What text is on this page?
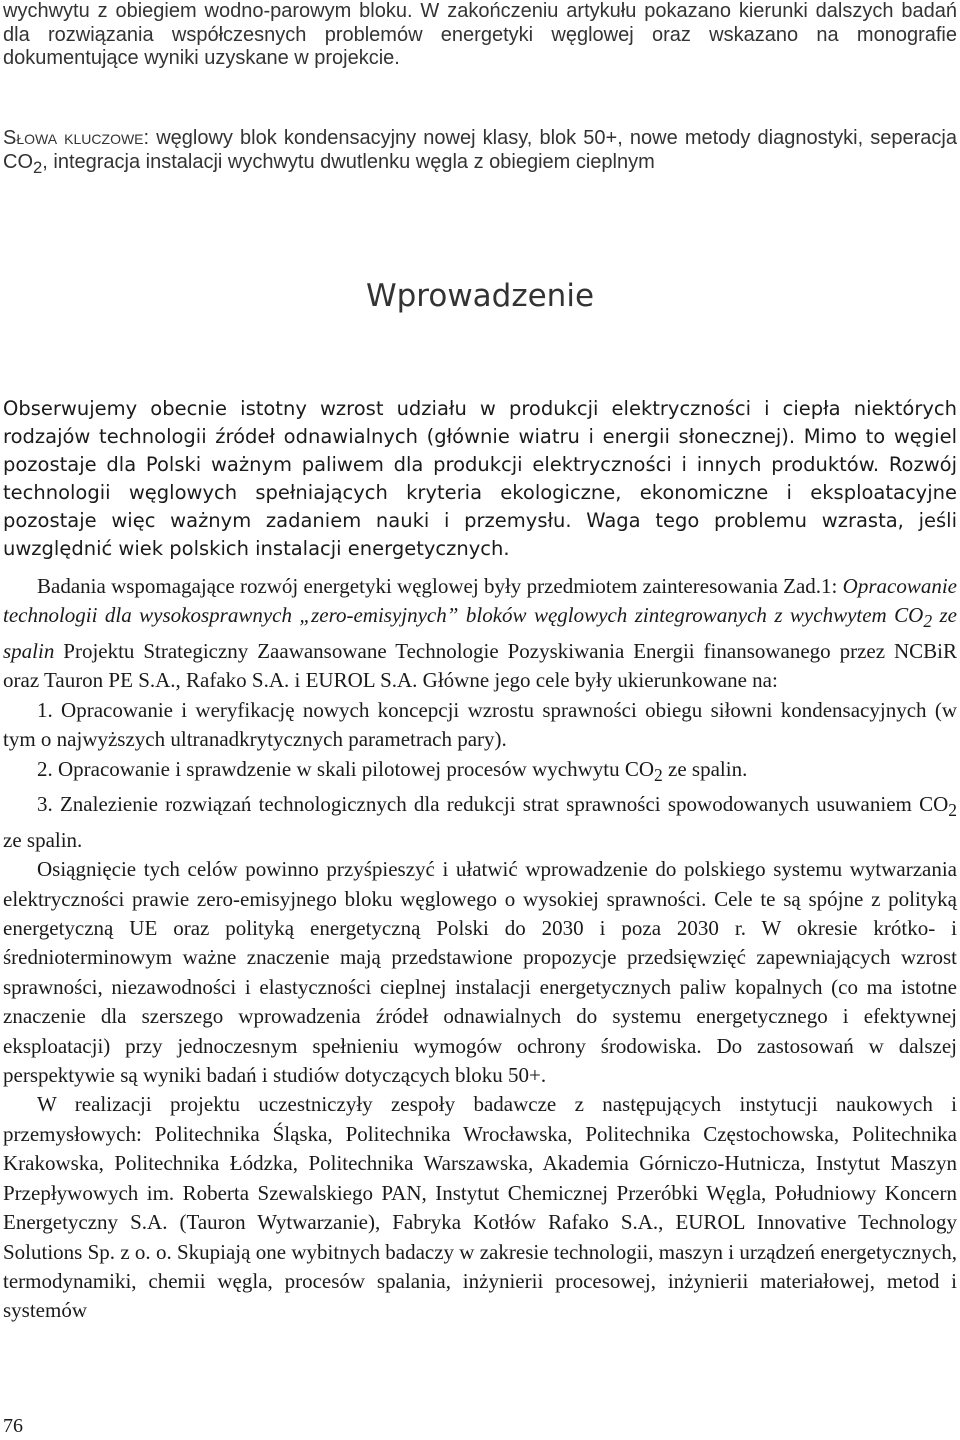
wychwytu z obiegiem wodno-parowym bloku. W zakończeniu artykułu pokazano kierunki dalszych badań dla rozwiązania współczesnych problemów energetyki węglowej oraz wskazano na monografie dokumentujące wyniki uzyskane w projekcie.

Słowa kluczowe: węglowy blok kondensacyjny nowej klasy, blok 50+, nowe metody diagnostyki, seperacja $CO_2$, integracja instalacji wychwytu dwutlenku węgla z obiegiem cieplnym

Wprowadzenie

Obserwujemy obecnie istotny wzrost udziału w produkcji elektryczności i ciepła niektórych rodzajów technologii źródeł odnawialnych (głównie wiatru i energii słonecznej). Mimo to węgiel pozostaje dla Polski ważnym paliwem dla produkcji elektryczności i innych produktów. Rozwój technologii węglowych spełniających kryteria ekologiczne, ekonomiczne i eksploatacyjne pozostaje więc ważnym zadaniem nauki i przemysłu. Waga tego problemu wzrasta, jeśli uwzględnić wiek polskich instalacji energetycznych.

Badania wspomagające rozwój energetyki węglowej były przedmiotem zainteresowania Zad.1: Opracowanie technologii dla wysokosprawnych „zero-emisyjnych” bloków węglowych zintegrowanych z wychwytem $CO_2$ ze spalin Projektu Strategiczny Zaawansowane Technologie Pozyskiwania Energii finansowanego przez NCBiR oraz Tauron PE S.A., Rafako S.A. i EUROL S.A. Główne jego cele były ukierunkowane na:

1. Opracowanie i weryfikację nowych koncepcji wzrostu sprawności obiegu siłowni kondensacyjnych (w tym o najwyższych ultranadkrytycznych parametrach pary).

2. Opracowanie i sprawdzenie w skali pilotowej procesów wychwytu $CO_2$ ze spalin.

3. Znalezienie rozwiązań technologicznych dla redukcji strat sprawności spowodowanych usuwaniem $CO_2$ ze spalin.

Osiągnięcie tych celów powinno przyśpieszyć i ułatwić wprowadzenie do polskiego systemu wytwarzania elektryczności prawie zero-emisyjnego bloku węglowego o wysokiej sprawności. Cele te są spójne z polityką energetyczną UE oraz polityką energetyczną Polski do 2030 i poza 2030 r. W okresie krótko- i średnioterminowym ważne znaczenie mają przedstawione propozycje przedsięwzięć zapewniających wzrost sprawności, niezawodności i elastyczności cieplnej instalacji energetycznych paliw kopalnych (co ma istotne znaczenie dla szerszego wprowadzenia źródeł odnawialnych do systemu energetycznego i efektywnej eksploatacji) przy jednoczesnym spełnieniu wymogów ochrony środowiska. Do zastosowań w dalszej perspektywie są wyniki badań i studiów dotyczących bloku 50+.

W realizacji projektu uczestniczyły zespoły badawcze z następujących instytucji naukowych i przemysłowych: Politechnika Śląska, Politechnika Wrocławska, Politechnika Częstochowska, Politechnika Krakowska, Politechnika Łódzka, Politechnika Warszawska, Akademia Górniczo-Hutnicza, Instytut Maszyn Przepływowych im. Roberta Szewalskiego PAN, Instytut Chemicznej Przeróbki Węgla, Południowy Koncern Energetyczny S.A. (Tauron Wytwarzanie), Fabryka Kotłów Rafako S.A., EUROL Innovative Technology Solutions Sp. z o. o. Skupiają one wybitnych badaczy w zakresie technologii, maszyn i urządzeń energetycznych, termodynamiki, chemii węgla, procesów spalania, inżynierii procesowej, inżynierii materiałowej, metod i systemów

76
